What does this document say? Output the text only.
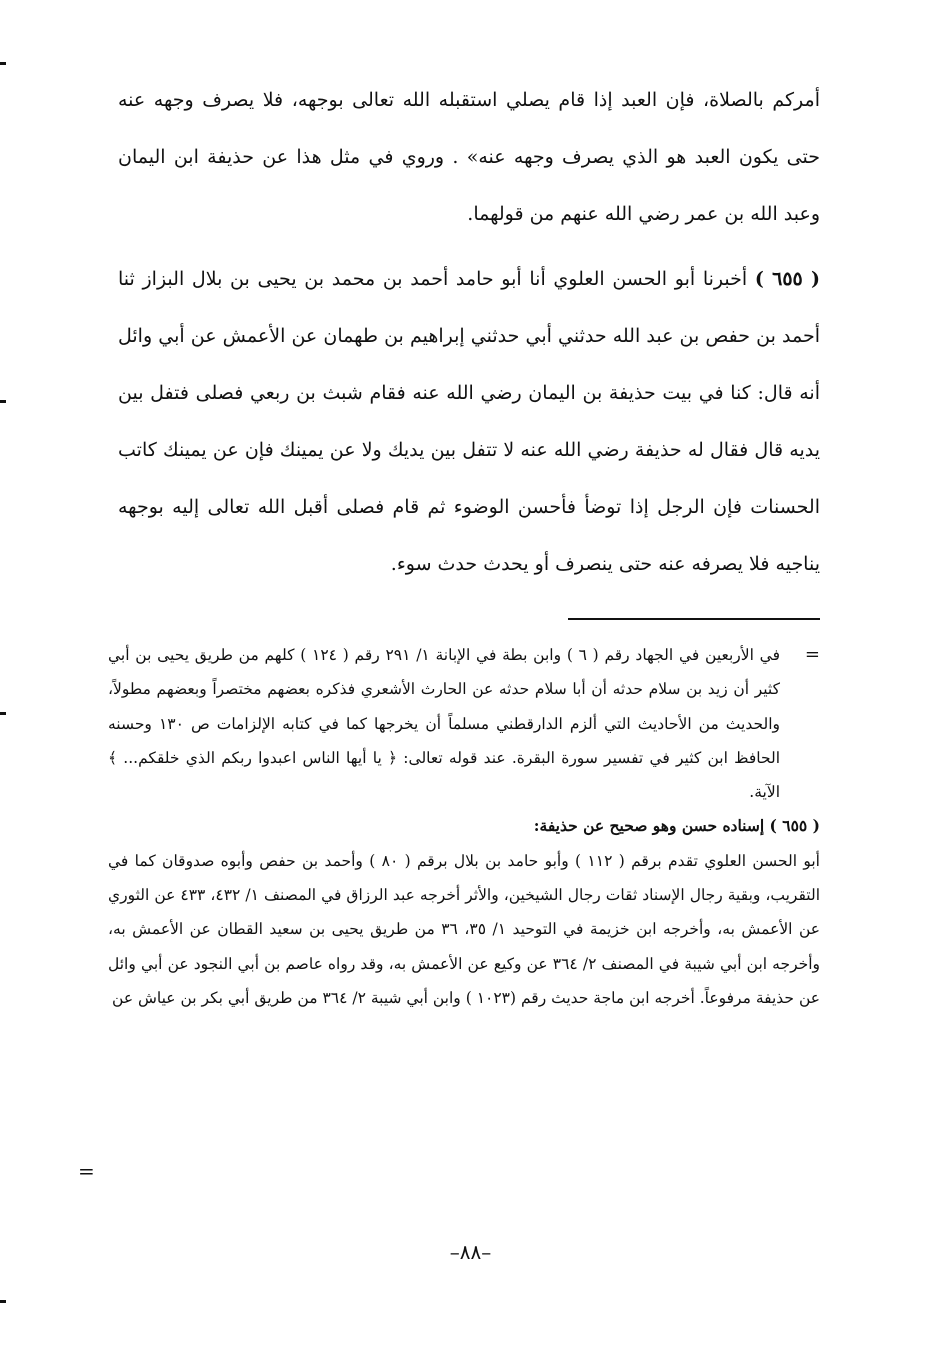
أمركم بالصلاة، فإن العبد إذا قام يصلي استقبله الله تعالى بوجهه، فلا يصرف وجهه عنه حتى يكون العبد هو الذي يصرف وجهه عنه» . وروي في مثل هذا عن حذيفة ابن اليمان وعبد الله بن عمر رضي الله عنهم من قولهما.

( ٦٥٥ ) أخبرنا أبو الحسن العلوي أنا أبو حامد أحمد بن محمد بن يحيى بن بلال البزاز ثنا أحمد بن حفص بن عبد الله حدثني أبي حدثني إبراهيم بن طهمان عن الأعمش عن أبي وائل أنه قال: كنا في بيت حذيفة بن اليمان رضي الله عنه فقام شبث بن ربعي فصلى فتفل بين يديه قال فقال له حذيفة رضي الله عنه لا تتفل بين يديك ولا عن يمينك فإن عن يمينك كاتب الحسنات فإن الرجل إذا توضأ فأحسن الوضوء ثم قام فصلى أقبل الله تعالى إليه بوجهه يناجيه فلا يصرفه عنه حتى ينصرف أو يحدث حدث سوء.

=
في الأربعين في الجهاد رقم ( ٦ ) وابن بطة في الإبانة ١/ ٢٩١ رقم ( ١٢٤ ) كلهم من طريق يحيى بن أبي كثير أن زيد بن سلام حدثه أن أبا سلام حدثه عن الحارث الأشعري فذكره بعضهم مختصراً وبعضهم مطولاً، والحديث من الأحاديث التي ألزم الدارقطني مسلماً أن يخرجها كما في كتابه الإلزامات ص ١٣٠ وحسنه الحافظ ابن كثير في تفسير سورة البقرة. عند قوله تعالى: ﴿ يا أيها الناس اعبدوا ربكم الذي خلقكم... ﴾ الآية.

( ٦٥٥ ) إسناده حسن وهو صحيح عن حذيفة:

أبو الحسن العلوي تقدم برقم ( ١١٢ ) وأبو حامد بن بلال برقم ( ٨٠ ) وأحمد بن حفص وأبوه صدوقان كما في التقريب، وبقية رجال الإسناد ثقات رجال الشيخين، والأثر أخرجه عبد الرزاق في المصنف ١/ ٤٣٢، ٤٣٣ عن الثوري عن الأعمش به، وأخرجه ابن خزيمة في التوحيد ١/ ٣٥، ٣٦ من طريق يحيى بن سعيد القطان عن الأعمش به، وأخرجه ابن أبي شيبة في المصنف ٢/ ٣٦٤ عن وكيع عن الأعمش به، وقد رواه عاصم بن أبي النجود عن أبي وائل عن حذيفة مرفوعاً. أخرجه ابن ماجة حديث رقم (١٠٢٣ ) وابن أبي شيبة ٢/ ٣٦٤ من طريق أبي بكر بن عياش عن

=
–٨٨–
